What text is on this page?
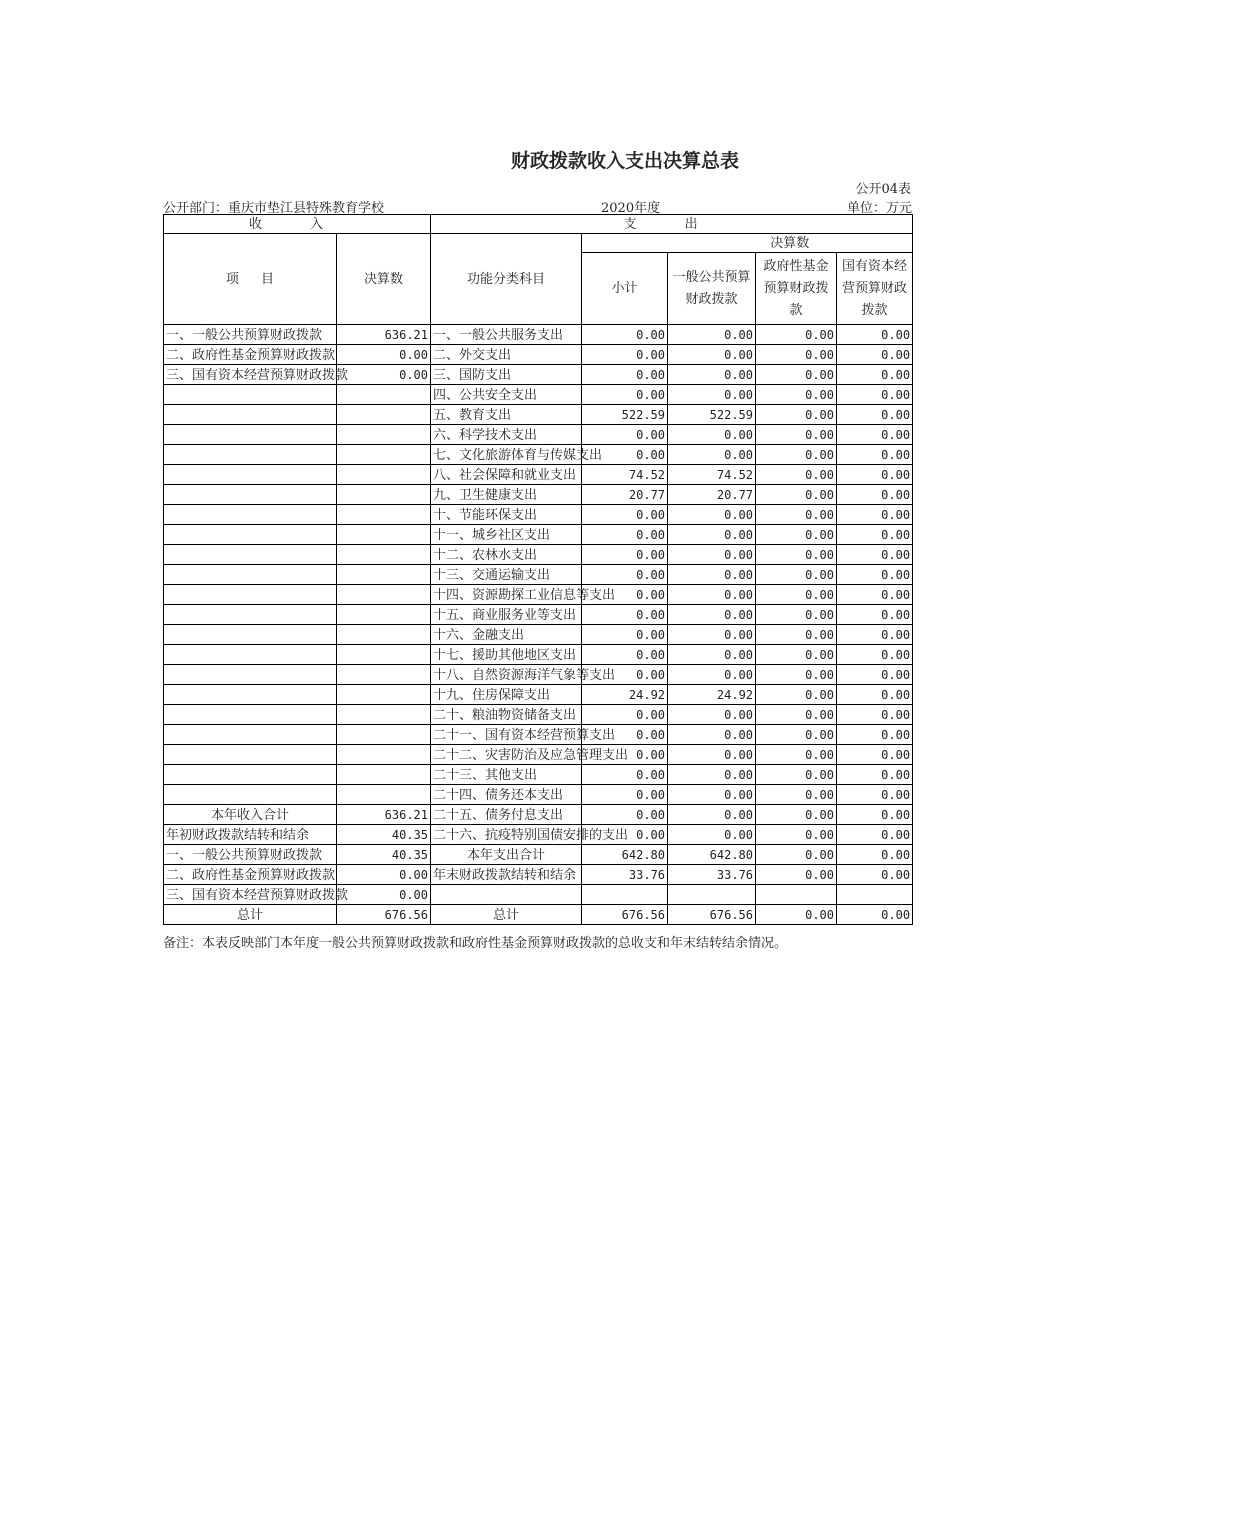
财政拨款收入支出决算总表
公开04表
公开部门：重庆市垫江县特殊教育学校	2020年度	单位：万元
收 入		支 出				
项 目	决算数	功能分类科目		决算数		
			小计	一般公共预算财政拨款	政府性基金预算财政拨款	国有资本经营预算财政拨款
一、一般公共预算财政拨款	636.21	一、一般公共服务支出	0.00	0.00	0.00	0.00
二、政府性基金预算财政拨款	0.00	二、外交支出	0.00	0.00	0.00	0.00
三、国有资本经营预算财政拨款	0.00	三、国防支出	0.00	0.00	0.00	0.00
		四、公共安全支出	0.00	0.00	0.00	0.00
		五、教育支出	522.59	522.59	0.00	0.00
		六、科学技术支出	0.00	0.00	0.00	0.00
		七、文化旅游体育与传媒支出	0.00	0.00	0.00	0.00
		八、社会保障和就业支出	74.52	74.52	0.00	0.00
		九、卫生健康支出	20.77	20.77	0.00	0.00
		十、节能环保支出	0.00	0.00	0.00	0.00
		十一、城乡社区支出	0.00	0.00	0.00	0.00
		十二、农林水支出	0.00	0.00	0.00	0.00
		十三、交通运输支出	0.00	0.00	0.00	0.00
		十四、资源勘探工业信息等支出	0.00	0.00	0.00	0.00
		十五、商业服务业等支出	0.00	0.00	0.00	0.00
		十六、金融支出	0.00	0.00	0.00	0.00
		十七、援助其他地区支出	0.00	0.00	0.00	0.00
		十八、自然资源海洋气象等支出	0.00	0.00	0.00	0.00
		十九、住房保障支出	24.92	24.92	0.00	0.00
		二十、粮油物资储备支出	0.00	0.00	0.00	0.00
		二十一、国有资本经营预算支出	0.00	0.00	0.00	0.00
		二十二、灾害防治及应急管理支出	0.00	0.00	0.00	0.00
		二十三、其他支出	0.00	0.00	0.00	0.00
		二十四、债务还本支出	0.00	0.00	0.00	0.00
本年收入合计	636.21	二十五、债务付息支出	0.00	0.00	0.00	0.00
年初财政拨款结转和结余	40.35	二十六、抗疫特别国债安排的支出	0.00	0.00	0.00	0.00
一、一般公共预算财政拨款	40.35	本年支出合计	642.80	642.80	0.00	0.00
二、政府性基金预算财政拨款	0.00	年末财政拨款结转和结余	33.76	33.76	0.00	0.00
三、国有资本经营预算财政拨款	0.00					
总计	676.56	总计	676.56	676.56	0.00	0.00
备注：本表反映部门本年度一般公共预算财政拨款和政府性基金预算财政拨款的总收支和年末结转结余情况。
